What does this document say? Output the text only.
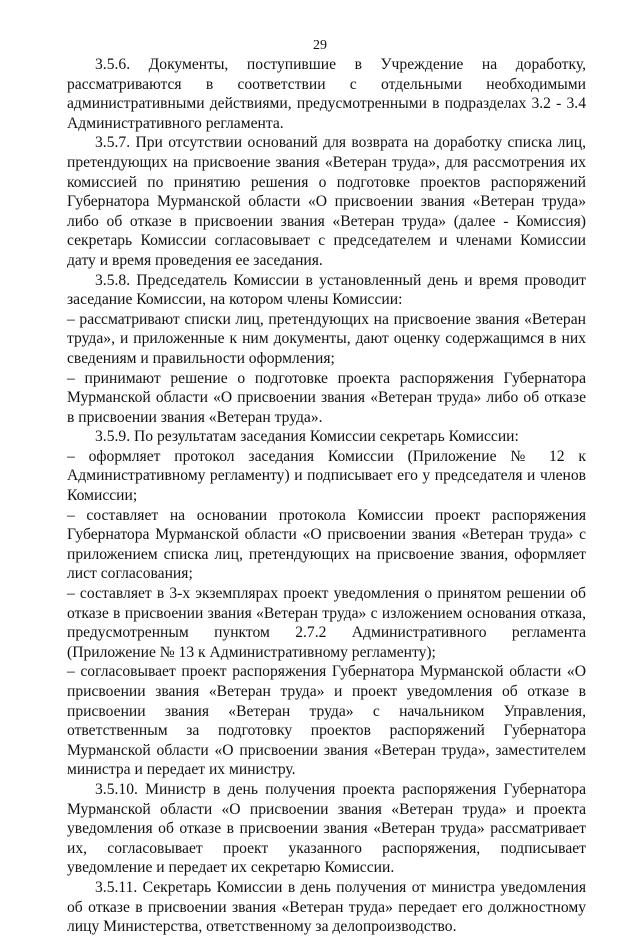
29

3.5.6. Документы, поступившие в Учреждение на доработку, рассматриваются в соответствии с отдельными необходимыми административными действиями, предусмотренными в подразделах 3.2 - 3.4 Административного регламента.

3.5.7. При отсутствии оснований для возврата на доработку списка лиц, претендующих на присвоение звания «Ветеран труда», для рассмотрения их комиссией по принятию решения о подготовке проектов распоряжений Губернатора Мурманской области «О присвоении звания «Ветеран труда» либо об отказе в присвоении звания «Ветеран труда» (далее - Комиссия) секретарь Комиссии согласовывает с председателем и членами Комиссии дату и время проведения ее заседания.

3.5.8. Председатель Комиссии в установленный день и время проводит заседание Комиссии, на котором члены Комиссии:

– рассматривают списки лиц, претендующих на присвоение звания «Ветеран труда», и приложенные к ним документы, дают оценку содержащимся в них сведениям и правильности оформления;

– принимают решение о подготовке проекта распоряжения Губернатора Мурманской области «О присвоении звания «Ветеран труда» либо об отказе в присвоении звания «Ветеран труда».

3.5.9. По результатам заседания Комиссии секретарь Комиссии:

– оформляет протокол заседания Комиссии (Приложение № 12 к Административному регламенту) и подписывает его у председателя и членов Комиссии;

– составляет на основании протокола Комиссии проект распоряжения Губернатора Мурманской области «О присвоении звания «Ветеран труда» с приложением списка лиц, претендующих на присвоение звания, оформляет лист согласования;

– составляет в 3-х экземплярах проект уведомления о принятом решении об отказе в присвоении звания «Ветеран труда» с изложением основания отказа, предусмотренным пунктом 2.7.2 Административного регламента (Приложение № 13 к Административному регламенту);

– согласовывает проект распоряжения Губернатора Мурманской области «О присвоении звания «Ветеран труда» и проект уведомления об отказе в присвоении звания «Ветеран труда» с начальником Управления, ответственным за подготовку проектов распоряжений Губернатора Мурманской области «О присвоении звания «Ветеран труда», заместителем министра и передает их министру.

3.5.10. Министр в день получения проекта распоряжения Губернатора Мурманской области «О присвоении звания «Ветеран труда» и проекта уведомления об отказе в присвоении звания «Ветеран труда» рассматривает их, согласовывает проект указанного распоряжения, подписывает уведомление и передает их секретарю Комиссии.

3.5.11. Секретарь Комиссии в день получения от министра уведомления об отказе в присвоении звания «Ветеран труда» передает его должностному лицу Министерства, ответственному за делопроизводство.
